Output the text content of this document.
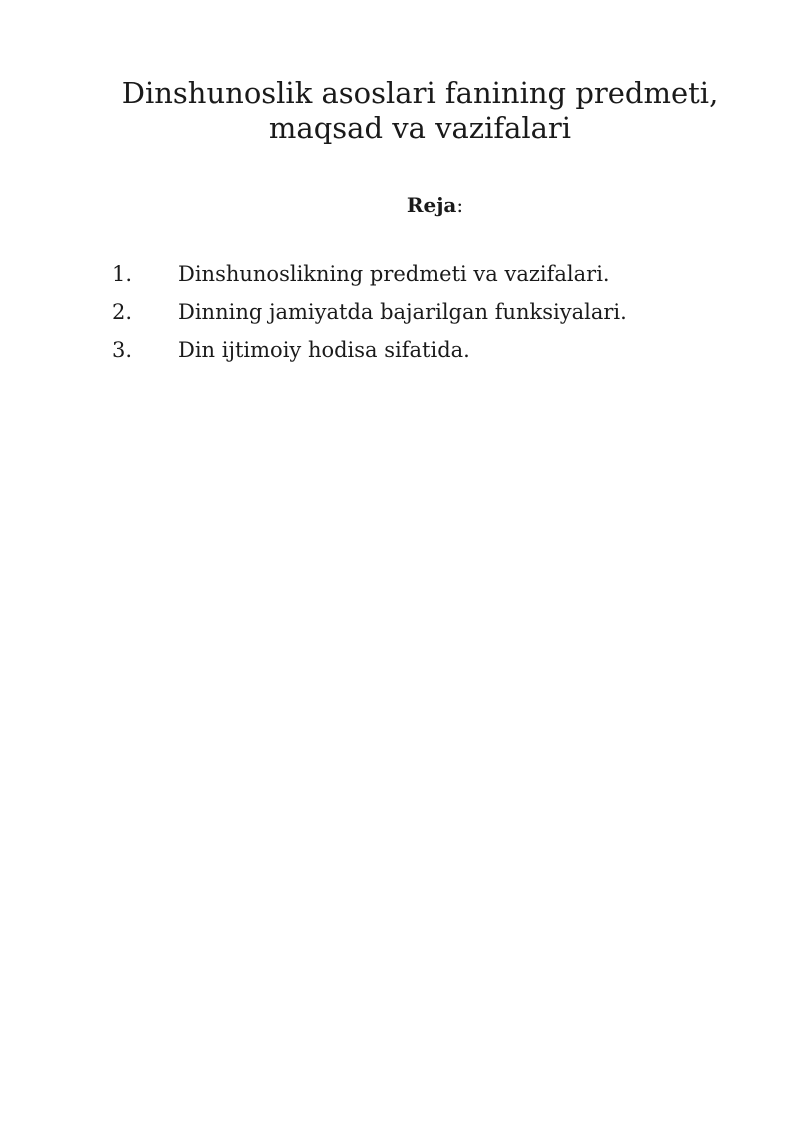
Dinshunoslik asoslari fanining predmeti,
maqsad va vazifalari

Reja:

1. Dinshunoslikning predmeti va vazifalari.
2. Dinning jamiyatda bajarilgan funksiyalari.
3. Din ijtimoiy hodisa sifatida.
